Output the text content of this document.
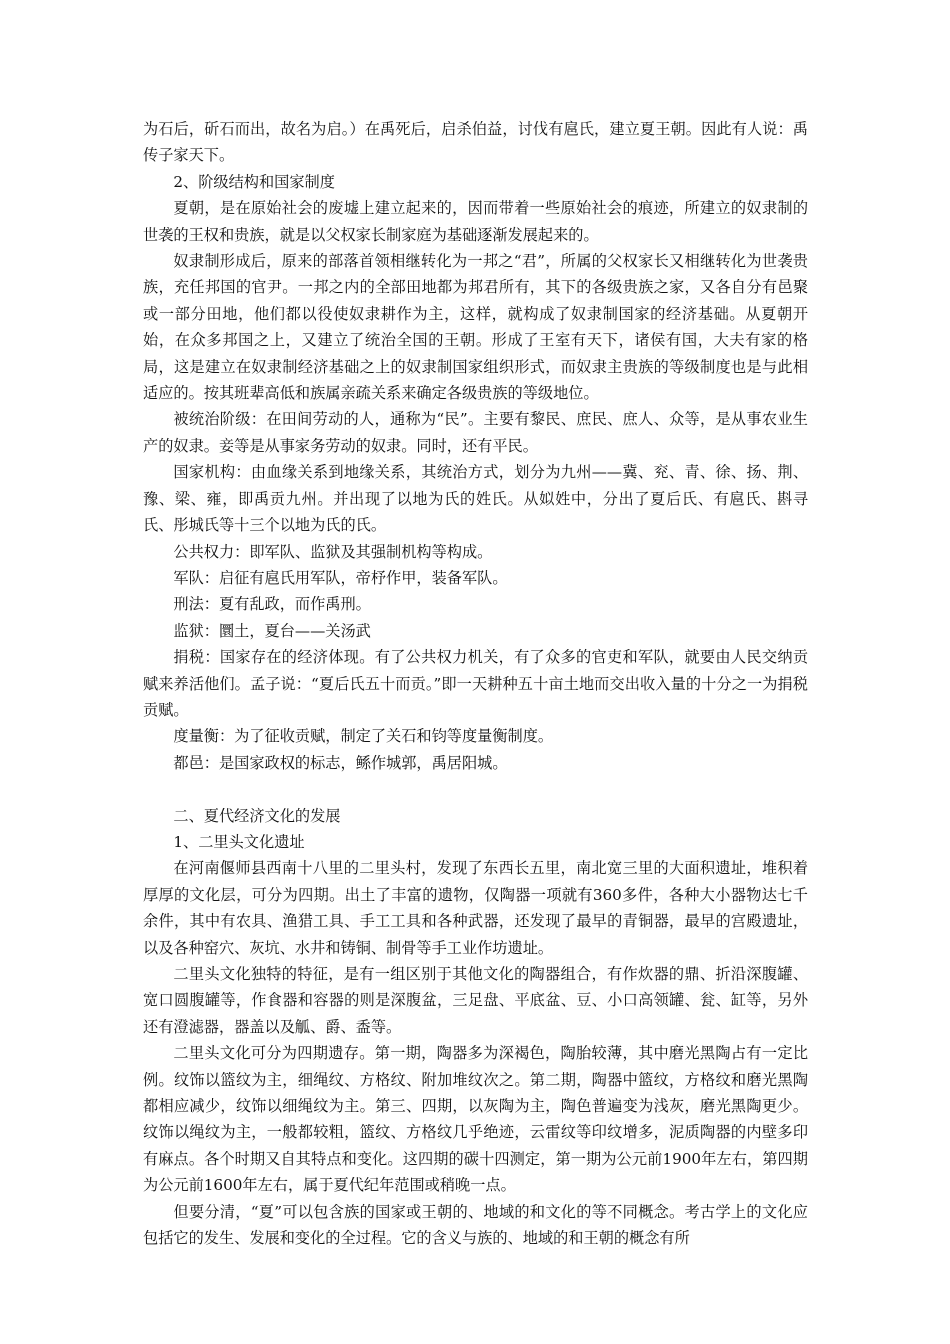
为石后，斫石而出，故名为启。）在禹死后，启杀伯益，讨伐有扈氏，建立夏王朝。因此有人说：禹传子家天下。

2、阶级结构和国家制度

夏朝，是在原始社会的废墟上建立起来的，因而带着一些原始社会的痕迹，所建立的奴隶制的世袭的王权和贵族，就是以父权家长制家庭为基础逐渐发展起来的。

奴隶制形成后，原来的部落首领相继转化为一邦之“君”，所属的父权家长又相继转化为世袭贵族，充任邦国的官尹。一邦之内的全部田地都为邦君所有，其下的各级贵族之家，又各自分有邑聚或一部分田地，他们都以役使奴隶耕作为主，这样，就构成了奴隶制国家的经济基础。从夏朝开始，在众多邦国之上，又建立了统治全国的王朝。形成了王室有天下，诸侯有国，大夫有家的格局，这是建立在奴隶制经济基础之上的奴隶制国家组织形式，而奴隶主贵族的等级制度也是与此相适应的。按其班辈高低和族属亲疏关系来确定各级贵族的等级地位。

被统治阶级：在田间劳动的人，通称为“民”。主要有黎民、庶民、庶人、众等，是从事农业生产的奴隶。妾等是从事家务劳动的奴隶。同时，还有平民。

国家机构：由血缘关系到地缘关系，其统治方式，划分为九州——冀、兖、青、徐、扬、荆、豫、梁、雍，即禹贡九州。并出现了以地为氏的姓氏。从姒姓中，分出了夏后氏、有扈氏、斟寻氏、彤城氏等十三个以地为氏的氏。

公共权力：即军队、监狱及其强制机构等构成。

军队：启征有扈氏用军队，帝杼作甲，装备军队。

刑法：夏有乱政，而作禹刑。

监狱：圜土，夏台——关汤武

捐税：国家存在的经济体现。有了公共权力机关，有了众多的官吏和军队，就要由人民交纳贡赋来养活他们。孟子说：“夏后氏五十而贡。”即一天耕种五十亩土地而交出收入量的十分之一为捐税贡赋。

度量衡：为了征收贡赋，制定了关石和钧等度量衡制度。

都邑：是国家政权的标志，鲧作城郭，禹居阳城。

二、夏代经济文化的发展

1、二里头文化遗址

在河南偃师县西南十八里的二里头村，发现了东西长五里，南北宽三里的大面积遗址，堆积着厚厚的文化层，可分为四期。出土了丰富的遗物，仅陶器一项就有360多件，各种大小器物达七千余件，其中有农具、渔猎工具、手工工具和各种武器，还发现了最早的青铜器，最早的宫殿遗址，以及各种窑穴、灰坑、水井和铸铜、制骨等手工业作坊遗址。

二里头文化独特的特征，是有一组区别于其他文化的陶器组合，有作炊器的鼎、折沿深腹罐、宽口圆腹罐等，作食器和容器的则是深腹盆，三足盘、平底盆、豆、小口高领罐、瓮、缸等，另外还有澄滤器，器盖以及觚、爵、盉等。

二里头文化可分为四期遗存。第一期，陶器多为深褐色，陶胎较薄，其中磨光黑陶占有一定比例。纹饰以篮纹为主，细绳纹、方格纹、附加堆纹次之。第二期，陶器中篮纹，方格纹和磨光黑陶都相应减少，纹饰以细绳纹为主。第三、四期，以灰陶为主，陶色普遍变为浅灰，磨光黑陶更少。纹饰以绳纹为主，一般都较粗，篮纹、方格纹几乎绝迹，云雷纹等印纹增多，泥质陶器的内壁多印有麻点。各个时期又自其特点和变化。这四期的碳十四测定，第一期为公元前1900年左右，第四期为公元前1600年左右，属于夏代纪年范围或稍晚一点。

但要分清，“夏”可以包含族的国家或王朝的、地域的和文化的等不同概念。考古学上的文化应包括它的发生、发展和变化的全过程。它的含义与族的、地域的和王朝的概念有所
